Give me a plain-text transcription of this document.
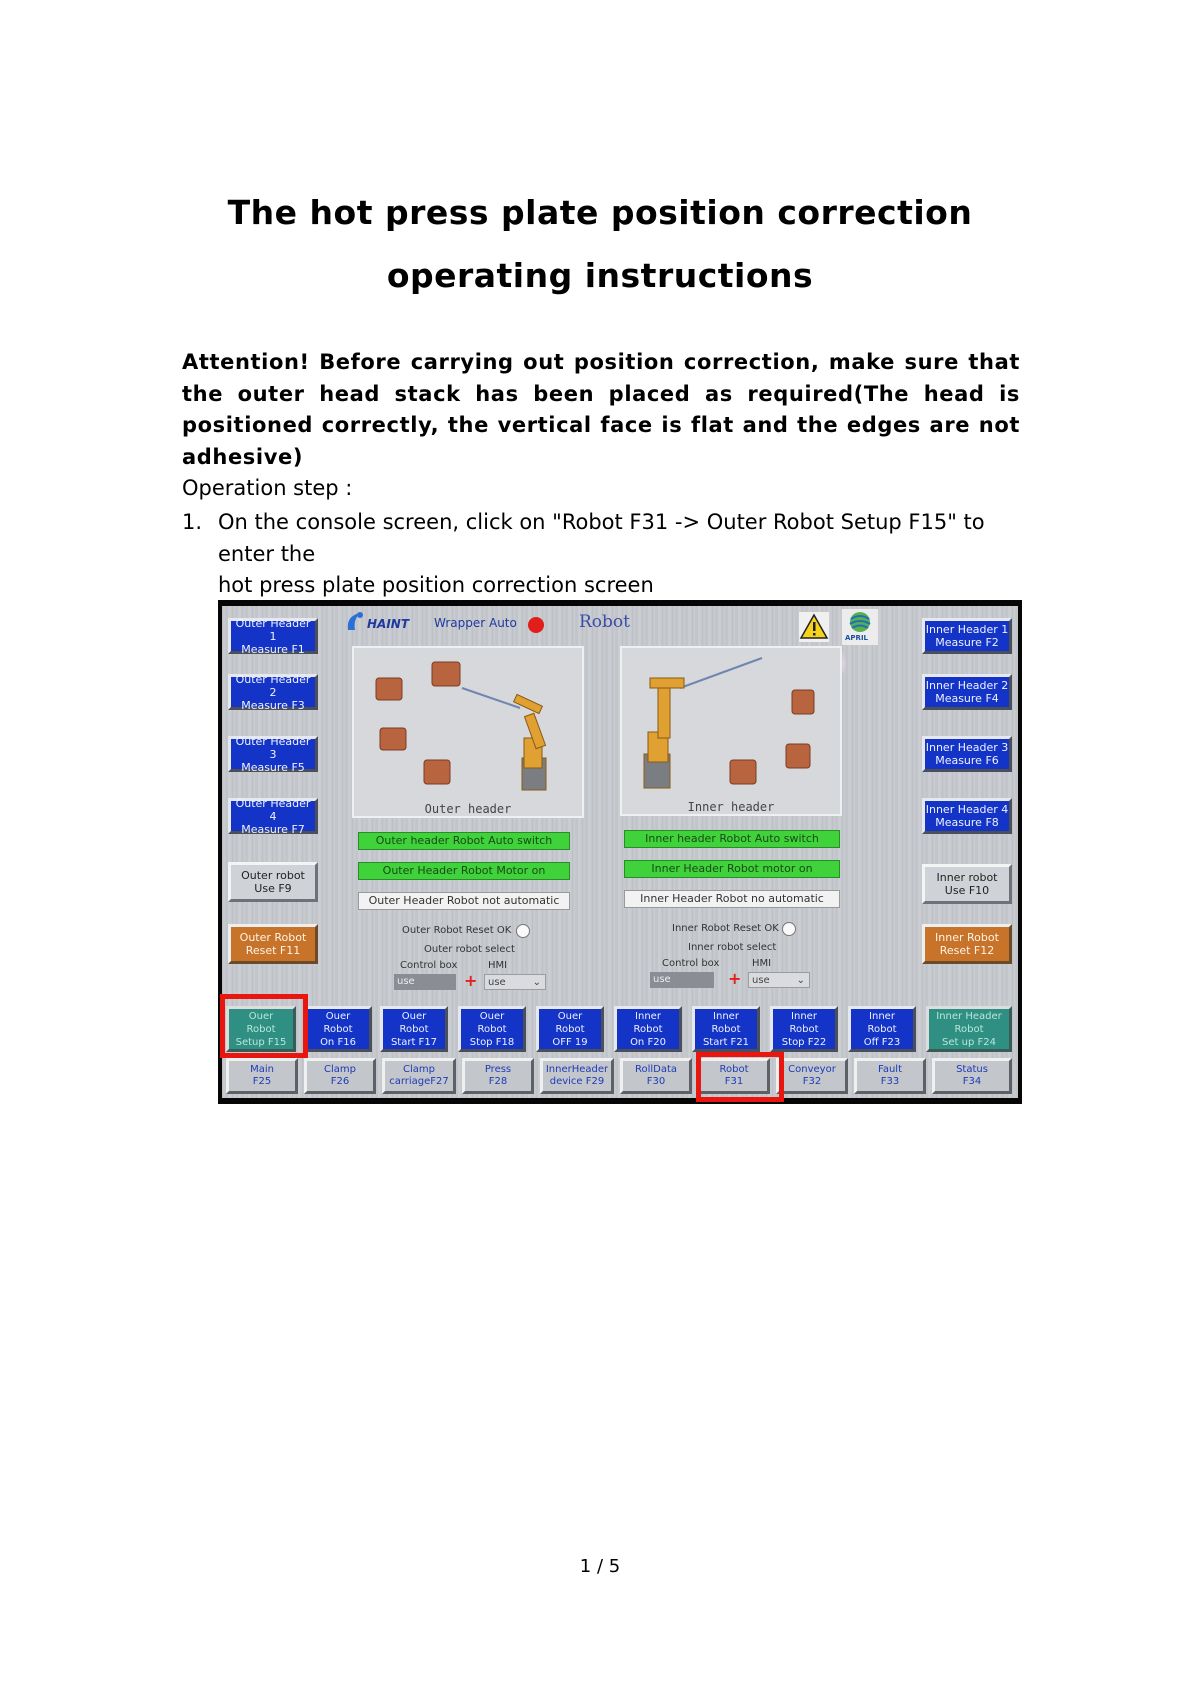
The hot press plate position correction
operating instructions

Attention! Before carrying out position correction, make sure that the outer head stack has been placed as required(The head is positioned correctly, the vertical face is flat and the edges are not adhesive)

Operation step :

1. On the console screen, click on "Robot F31 -> Outer Robot Setup F15" to enter the
hot press plate position correction screen
HAINT Wrapper Auto	Robot
APRIL
Outer Header 1
Measure F1
Outer Header 2
Measure F3
Outer Header 3
Measure F5
Outer Header 4
Measure F7
Outer robot
Use F9
Outer Robot
Reset F11
Inner Header 1
Measure F2
Inner Header 2
Measure F4
Inner Header 3
Measure F6
Inner Header 4
Measure F8
Inner robot
Use F10
Inner Robot
Reset F12
Outer header	Inner header
Outer header Robot Auto switch
Outer Header Robot Motor on
Outer Header Robot not automatic
Inner header Robot Auto switch
Inner Header Robot motor on
Inner Header Robot no automatic
Outer Robot Reset OK
Outer robot select
Control box	HMI
use	+	use	⌄
Inner Robot Reset OK
Inner robot select
Control box	HMI
use	+	use	⌄
Ouer
Robot
Setup F15
Ouer
Robot
On F16
Ouer
Robot
Start F17
Ouer
Robot
Stop F18
Ouer
Robot
OFF 19
Inner
Robot
On F20
Inner
Robot
Start F21
Inner
Robot
Stop F22
Inner
Robot
Off F23
Inner Header
Robot
Set up F24
Main
F25
Clamp
F26
Clamp
carriageF27
Press
F28
InnerHeader
device F29
RollData
F30
Robot
F31
Conveyor
F32
Fault
F33
Status
F34
1 / 5
